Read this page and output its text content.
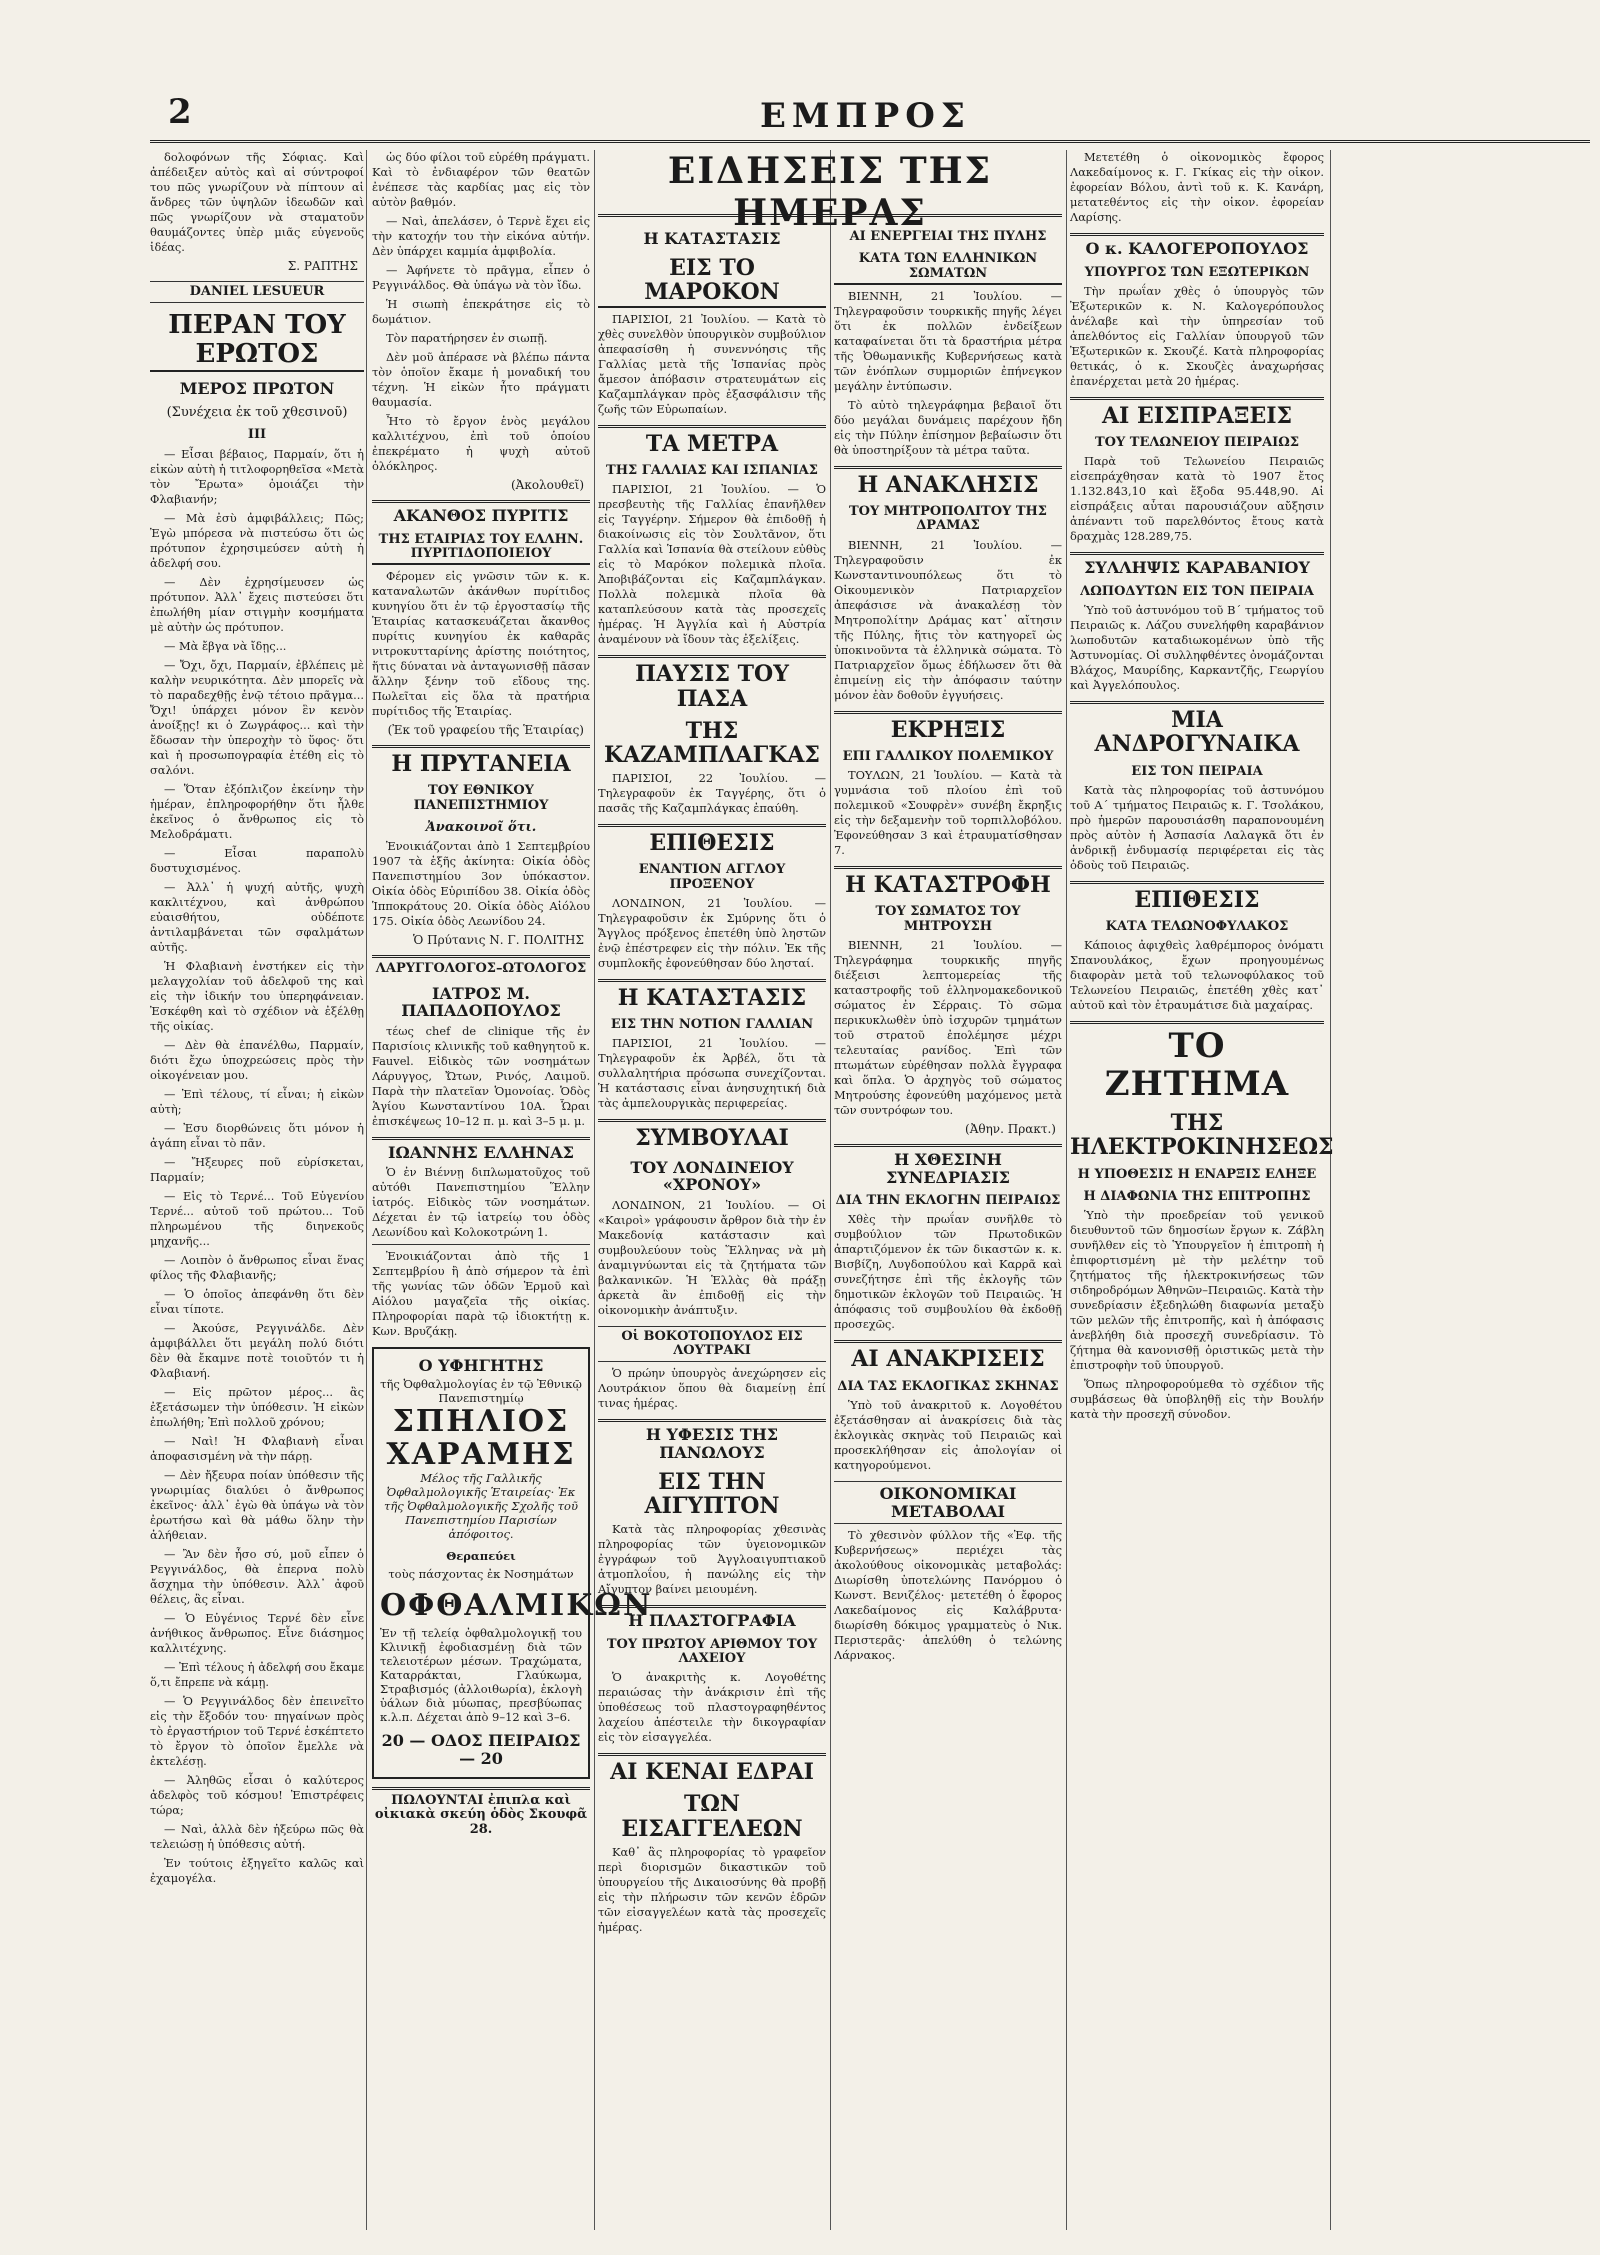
2	ΕΜΠΡΟΣ

δολοφόνων τῆς Σόφιας. Καὶ ἀπέδειξεν αὐτὸς καὶ αἱ σύντροφοί του πῶς γνωρίζουν νὰ πίπτουν αἱ ἄνδρες τῶν ὑψηλῶν ἰδεωδῶν καὶ πῶς γνωρίζουν νὰ σταματοῦν θαυμάζοντες ὑπὲρ μιᾶς εὐγενοῦς ἰδέας.

Σ. ΡΑΠΤΗΣ
DANIEL LESUEUR
ΠΕΡΑΝ ΤΟΥ ΕΡΩΤΟΣ
ΜΕΡΟΣ ΠΡΩΤΟΝ
(Συνέχεια ἐκ τοῦ χθεσινοῦ)
ΙΙΙ

— Εἶσαι βέβαιος, Παρμαίν, ὅτι ἡ εἰκὼν αὐτὴ ἡ τιτλοφορηθεῖσα «Μετὰ τὸν Ἔρωτα» ὁμοιάζει τὴν Φλαβιανήν;

— Μὰ ἐσὺ ἀμφιβάλλεις; Πῶς; Ἐγὼ μπόρεσα νὰ πιστεύσω ὅτι ὡς πρότυπον ἐχρησιμεύσεν αὐτὴ ἡ ἀδελφή σου.

— Δὲν ἐχρησίμευσεν ὡς πρότυπον. Ἀλλ᾿ ἔχεις πιστεύσει ὅτι ἐπωλήθη μίαν στιγμὴν κοσμήματα μὲ αὐτὴν ὡς πρότυπον.

— Μὰ ἔβγα νὰ ἴδῃς...

— Ὄχι, ὄχι, Παρμαίν, ἐβλέπεις μὲ καλὴν νευρικότητα. Δὲν μπορεῖς νὰ τὸ παραδεχθῇς ἐνῷ τέτοιο πρᾶγμα... Ὄχι! ὑπάρχει μόνον ἓν κενὸν ἀνοίξῃς! κι ὁ Ζωγράφος... καὶ τὴν ἔδωσαν τὴν ὑπεροχὴν τὸ ὕφος· ὅτι καὶ ἡ προσωπογραφία ἐτέθη εἰς τὸ σαλόνι.

— Ὅταν ἐξόπλιζον ἐκείνην τὴν ἡμέραν, ἐπληροφορήθην ὅτι ἦλθε ἐκεῖνος ὁ ἄνθρωπος εἰς τὸ Μελοδράματι.

— Εἶσαι παραπολὺ δυστυχισμένος.

— Ἀλλ᾿ ἡ ψυχή αὐτῆς, ψυχὴ κακλιτέχνου, καὶ ἀνθρώπου εὐαισθήτου, οὐδέποτε ἀντιλαμβάνεται τῶν σφαλμάτων αὐτῆς.

Ἡ Φλαβιανὴ ἐνστήκεν εἰς τὴν μελαγχολίαν τοῦ ἀδελφοῦ της καὶ εἰς τὴν ἰδικήν του ὑπερηφάνειαν. Ἐσκέφθη καὶ τὸ σχέδιον νὰ ἐξέλθῃ τῆς οἰκίας.

— Δὲν θὰ ἐπανέλθω, Παρμαίν, διότι ἔχω ὑποχρεώσεις πρὸς τὴν οἰκογένειαν μου.

— Ἐπὶ τέλους, τί εἶναι; ἡ εἰκὼν αὐτὴ;

— Ἐσυ διορθώνεις ὅτι μόνον ἡ ἀγάπη εἶναι τὸ πᾶν.

— Ἤξευρες ποῦ εὑρίσκεται, Παρμαίν;

— Εἰς τὸ Τερνέ... Τοῦ Εὐγενίου Τερνέ... αὐτοῦ τοῦ πρώτου... Τοῦ πληρωμένου τῆς διηνεκοῦς μηχανῆς...

— Λοιπὸν ὁ ἄνθρωπος εἶναι ἕνας φίλος τῆς Φλαβιανῆς;

— Ὁ ὁποῖος ἀπεφάνθη ὅτι δὲν εἶναι τίποτε.

— Ἀκούσε, Ρεγγινάλδε. Δὲν ἀμφιβάλλει ὅτι μεγάλη πολύ διότι δὲν θὰ ἔκαμνε ποτὲ τοιοῦτόν τι ἡ Φλαβιανή.

— Εἰς πρῶτον μέρος... ἂς ἐξετάσωμεν τὴν ὑπόθεσιν. Ἡ εἰκὼν ἐπωλήθη; Ἐπὶ πολλοῦ χρόνου;

— Ναὶ! Ἡ Φλαβιανὴ εἶναι ἀποφασισμένη νὰ τὴν πάρῃ.

— Δὲν ἤξευρα ποίαν ὑπόθεσιν τῆς γνωριμίας διαλύει ὁ ἄνθρωπος ἐκεῖνος· ἀλλ᾿ ἐγὼ θὰ ὑπάγω νὰ τὸν ἐρωτήσω καὶ θὰ μάθω ὅλην τὴν ἀλήθειαν.

— Ἂν δὲν ἦσο σύ, μοῦ εἶπεν ὁ Ρεγγινάλδος, θὰ ἐπερνα πολὺ ἄσχημα τὴν ὑπόθεσιν. Ἀλλ᾿ ἀφοῦ θέλεις, ἂς εἶναι.

— Ὁ Εὐγένιος Τερνέ δὲν εἶνε ἀνήθικος ἄνθρωπος. Εἶνε διάσημος καλλιτέχνης.

— Ἐπὶ τέλους ἡ ἀδελφή σου ἔκαμε ὅ,τι ἔπρεπε νὰ κάμῃ.

— Ὁ Ρεγγινάλδος δὲν ἐπεινεῖτο εἰς τὴν ἔξοδόν του· πηγαίνων πρὸς τὸ ἐργαστήριον τοῦ Τερνέ ἐσκέπτετο τὸ ἔργον τὸ ὁποῖον ἔμελλε νὰ ἐκτελέσῃ.

— Ἀληθῶς εἶσαι ὁ καλύτερος ἀδελφὸς τοῦ κόσμου! Ἐπιστρέφεις τώρα;

— Ναὶ, ἀλλὰ δὲν ἠξεύρω πῶς θὰ τελειώσῃ ἡ ὑπόθεσις αὐτή.

Ἐν τούτοις ἐξηγεῖτο καλῶς καὶ ἐχαμογέλα.

ὡς δύο φίλοι τοῦ εὑρέθη πράγματι. Καὶ τὸ ἐνδιαφέρον τῶν θεατῶν ἐνέπεσε τὰς καρδίας μας εἰς τὸν αὐτὸν βαθμόν.

— Ναὶ, ἀπελάσεν, ὁ Τερνὲ ἔχει εἰς τὴν κατοχήν του τὴν εἰκόνα αὐτήν. Δὲν ὑπάρχει καμμία ἀμφιβολία.

— Ἀφήνετε τὸ πρᾶγμα, εἶπεν ὁ Ρεγγινάλδος. Θὰ ὑπάγω νὰ τὸν ἴδω.

Ἡ σιωπὴ ἐπεκράτησε εἰς τὸ δωμάτιον.

Τὸν παρατήρησεν ἐν σιωπῇ.

Δὲν μοῦ ἀπέρασε νὰ βλέπω πάντα τὸν ὁποῖον ἔκαμε ἡ μοναδική του τέχνη. Ἡ εἰκὼν ἦτο πράγματι θαυμασία.

Ἦτο τὸ ἔργον ἑνὸς μεγάλου καλλιτέχνου, ἐπὶ τοῦ ὁποίου ἐπεκρέματο ἡ ψυχὴ αὐτοῦ ὁλόκληρος.

(Ἀκολουθεῖ)
ΑΚΑΝΘΟΣ ΠΥΡΙΤΙΣ
ΤΗΣ ΕΤΑΙΡΙΑΣ ΤΟΥ ΕΛΛΗΝ. ΠΥΡΙΤΙΔΟΠΟΙΕΙΟΥ

Φέρομεν εἰς γνῶσιν τῶν κ. κ. καταναλωτῶν ἀκάνθων πυρίτιδος κυνηγίου ὅτι ἐν τῷ ἐργοστασίῳ τῆς Ἑταιρίας κατασκευάζεται ἄκανθος πυρίτις κυνηγίου ἐκ καθαρᾶς νιτροκυτταρίνης ἀρίστης ποιότητος, ἥτις δύναται νὰ ἀνταγωνισθῇ πᾶσαν ἄλλην ξένην τοῦ εἴδους της. Πωλεῖται εἰς ὅλα τὰ πρατήρια πυρίτιδος τῆς Ἑταιρίας.

(Ἐκ τοῦ γραφείου τῆς Ἑταιρίας)
Η ΠΡΥΤΑΝΕΙΑ
ΤΟΥ ΕΘΝΙΚΟΥ ΠΑΝΕΠΙΣΤΗΜΙΟΥ
Ἀνακοινοῖ ὅτι.

Ἐνοικιάζονται ἀπὸ 1 Σεπτεμβρίου 1907 τὰ ἑξῆς ἀκίνητα: Οἰκία ὁδὸς Πανεπιστημίου 3ον ὑπόκαστον. Οἰκία ὁδὸς Εὐριπίδου 38. Οἰκία ὁδὸς Ἱπποκράτους 20. Οἰκία ὁδὸς Αἰόλου 175. Οἰκία ὁδὸς Λεωνίδου 24.

Ὁ Πρύτανις Ν. Γ. ΠΟΛΙΤΗΣ
ΛΑΡΥΓΓΟΛΟΓΟΣ–ΩΤΟΛΟΓΟΣ
ΙΑΤΡΟΣ Μ. ΠΑΠΑΔΟΠΟΥΛΟΣ

τέως chef de clinique τῆς ἐν Παρισίοις κλινικῆς τοῦ καθηγητοῦ κ. Fauvel. Εἰδικὸς τῶν νοσημάτων Λάρυγγος, Ὤτων, Ρινός, Λαιμοῦ. Παρὰ τὴν πλατεῖαν Ὁμονοίας. Ὁδὸς Ἁγίου Κωνσταντίνου 10Α. Ὧραι ἐπισκέψεως 10–12 π. μ. καὶ 3–5 μ. μ.

ΙΩΑΝΝΗΣ ΕΛΛΗΝΑΣ

Ὁ ἐν Βιέννῃ διπλωματοῦχος τοῦ αὐτόθι Πανεπιστημίου Ἕλλην ἰατρός. Εἰδικὸς τῶν νοσημάτων. Δέχεται ἐν τῷ ἰατρείῳ του ὁδὸς Λεωνίδου καὶ Κολοκοτρώνη 1.

Ἐνοικιάζονται ἀπὸ τῆς 1 Σεπτεμβρίου ἢ ἀπὸ σήμερον τὰ ἐπὶ τῆς γωνίας τῶν ὁδῶν Ἑρμοῦ καὶ Αἰόλου μαγαζεῖα τῆς οἰκίας. Πληροφορίαι παρὰ τῷ ἰδιοκτήτῃ κ. Κων. Βρυζάκῃ.

Ο ΥΦΗΓΗΤΗΣ
τῆς Ὀφθαλμολογίας ἐν τῷ Ἐθνικῷ Πανεπιστημίῳ
ΣΠΗΛΙΟΣ
ΧΑΡΑΜΗΣ
Μέλος τῆς Γαλλικῆς Ὀφθαλμολογικῆς Ἑταιρείας· Ἐκ τῆς Ὀφθαλμολογικῆς Σχολῆς τοῦ Πανεπιστημίου Παρισίων ἀπόφοιτος.
Θεραπεύει
τοὺς πάσχοντας ἐκ Νοσημάτων
ΟΦΘΑΛΜΙΚΩΝ
Ἐν τῇ τελείᾳ ὀφθαλμολογικῇ του Κλινικῇ ἐφοδιασμένῃ διὰ τῶν τελειοτέρων μέσων. Τραχώματα, Καταρράκται, Γλαύκωμα, Στραβισμός (ἀλλοιθωρία), ἐκλογὴ ὑάλων διὰ μύωπας, πρεσβύωπας κ.λ.π. Δέχεται ἀπὸ 9–12 καὶ 3–6.
20 — ΟΔΟΣ ΠΕΙΡΑΙΩΣ — 20
ΠΩΛΟΥΝΤΑΙ ἐπιπλα καὶ οἰκιακὰ σκεύη ὁδὸς Σκουφᾶ 28.
ΕΙΔΗΣΕΙΣ ΤΗΣ ΗΜΕΡΑΣ
Η ΚΑΤΑΣΤΑΣΙΣ
ΕΙΣ ΤΟ ΜΑΡΟΚΟΝ

ΠΑΡΙΣΙΟΙ, 21 Ἰουλίου. — Κατὰ τὸ χθὲς συνελθὸν ὑπουργικὸν συμβούλιον ἀπεφασίσθη ἡ συνεννόησις τῆς Γαλλίας μετὰ τῆς Ἱσπανίας πρὸς ἄμεσον ἀπόβασιν στρατευμάτων εἰς Καζαμπλάγκαν πρὸς ἐξασφάλισιν τῆς ζωῆς τῶν Εὐρωπαίων.

ΤΑ ΜΕΤΡΑ
ΤΗΣ ΓΑΛΛΙΑΣ ΚΑΙ ΙΣΠΑΝΙΑΣ

ΠΑΡΙΣΙΟΙ, 21 Ἰουλίου. — Ὁ πρεσβευτὴς τῆς Γαλλίας ἐπανῆλθεν εἰς Ταγγέρην. Σήμερον θὰ ἐπιδοθῇ ἡ διακοίνωσις εἰς τὸν Σουλτᾶνον, ὅτι Γαλλία καὶ Ἱσπανία θὰ στείλουν εὐθὺς εἰς τὸ Μαρόκον πολεμικὰ πλοῖα. Ἀποβιβάζονται εἰς Καζαμπλάγκαν. Πολλὰ πολεμικὰ πλοῖα θὰ καταπλεύσουν κατὰ τὰς προσεχεῖς ἡμέρας. Ἡ Ἀγγλία καὶ ἡ Αὐστρία ἀναμένουν νὰ ἴδουν τὰς ἐξελίξεις.

ΠΑΥΣΙΣ ΤΟΥ ΠΑΣΑ
ΤΗΣ ΚΑΖΑΜΠΛΑΓΚΑΣ

ΠΑΡΙΣΙΟΙ, 22 Ἰουλίου. — Τηλεγραφοῦν ἐκ Ταγγέρης, ὅτι ὁ πασᾶς τῆς Καζαμπλάγκας ἐπαύθη.

ΕΠΙΘΕΣΙΣ
ΕΝΑΝΤΙΟΝ ΑΓΓΛΟΥ ΠΡΟΞΕΝΟΥ

ΛΟΝΔΙΝΟΝ, 21 Ἰουλίου. — Τηλεγραφοῦσιν ἐκ Σμύρνης ὅτι ὁ Ἄγγλος πρόξενος ἐπετέθη ὑπὸ ληστῶν ἐνῷ ἐπέστρεφεν εἰς τὴν πόλιν. Ἐκ τῆς συμπλοκῆς ἐφονεύθησαν δύο λησταί.

Η ΚΑΤΑΣΤΑΣΙΣ
ΕΙΣ ΤΗΝ ΝΟΤΙΟΝ ΓΑΛΛΙΑΝ

ΠΑΡΙΣΙΟΙ, 21 Ἰουλίου. — Τηλεγραφοῦν ἐκ Ἀρβέλ, ὅτι τὰ συλλαλητήρια πρόσωπα συνεχίζονται. Ἡ κατάστασις εἶναι ἀνησυχητική διὰ τὰς ἀμπελουργικὰς περιφερείας.

ΣΥΜΒΟΥΛΑΙ
ΤΟΥ ΛΟΝΔΙΝΕΙΟΥ «ΧΡΟΝΟΥ»

ΛΟΝΔΙΝΟΝ, 21 Ἰουλίου. — Οἱ «Καιροὶ» γράφουσιν ἄρθρον διὰ τὴν ἐν Μακεδονίᾳ κατάστασιν καὶ συμβουλεύουν τοὺς Ἕλληνας νὰ μὴ ἀναμιγνύωνται εἰς τὰ ζητήματα τῶν βαλκανικῶν. Ἡ Ἑλλὰς θὰ πράξῃ ἀρκετὰ ἂν ἐπιδοθῇ εἰς τὴν οἰκονομικὴν ἀνάπτυξιν.

Οἱ ΒΟΚΟΤΟΠΟΥΛΟΣ ΕΙΣ ΛΟΥΤΡΑΚΙ

Ὁ πρώην ὑπουργὸς ἀνεχώρησεν εἰς Λουτράκιον ὅπου θὰ διαμείνῃ ἐπί τινας ἡμέρας.

Η ΥΦΕΣΙΣ ΤΗΣ ΠΑΝΩΛΟΥΣ
ΕΙΣ ΤΗΝ ΑΙΓΥΠΤΟΝ

Κατὰ τὰς πληροφορίας χθεσινὰς πληροφορίας τῶν ὑγειονομικῶν ἐγγράφων τοῦ Ἀγγλοαιγυπτιακοῦ ἀτμοπλοΐου, ἡ πανώλης εἰς τὴν Αἴγυπτον βαίνει μειουμένη.

Η ΠΛΑΣΤΟΓΡΑΦΙΑ
ΤΟΥ ΠΡΩΤΟΥ ΑΡΙΘΜΟΥ ΤΟΥ ΛΑΧΕΙΟΥ

Ὁ ἀνακριτὴς κ. Λογοθέτης περαιώσας τὴν ἀνάκρισιν ἐπὶ τῆς ὑποθέσεως τοῦ πλαστογραφηθέντος λαχείου ἀπέστειλε τὴν δικογραφίαν εἰς τὸν εἰσαγγελέα.

ΑΙ ΚΕΝΑΙ ΕΔΡΑΙ
ΤΩΝ ΕΙΣΑΓΓΕΛΕΩΝ

Καθ᾿ ἃς πληροφορίας τὸ γραφεῖον περὶ διορισμῶν δικαστικῶν τοῦ ὑπουργείου τῆς Δικαιοσύνης θὰ προβῇ εἰς τὴν πλήρωσιν τῶν κενῶν ἑδρῶν τῶν εἰσαγγελέων κατὰ τὰς προσεχεῖς ἡμέρας.

ΑΙ ΕΝΕΡΓΕΙΑΙ ΤΗΣ ΠΥΛΗΣ
ΚΑΤΑ ΤΩΝ ΕΛΛΗΝΙΚΩΝ ΣΩΜΑΤΩΝ

ΒΙΕΝΝΗ, 21 Ἰουλίου. — Τηλεγραφοῦσιν τουρκικῆς πηγῆς λέγει ὅτι ἐκ πολλῶν ἐνδείξεων καταφαίνεται ὅτι τὰ δραστήρια μέτρα τῆς Ὀθωμανικῆς Κυβερνήσεως κατὰ τῶν ἐνόπλων συμμοριῶν ἐπήνεγκον μεγάλην ἐντύπωσιν.

Τὸ αὐτὸ τηλεγράφημα βεβαιοῖ ὅτι δύο μεγάλαι δυνάμεις παρέχουν ἤδη εἰς τὴν Πύλην ἐπίσημον βεβαίωσιν ὅτι θὰ ὑποστηρίξουν τὰ μέτρα ταῦτα.

Η ΑΝΑΚΛΗΣΙΣ
ΤΟΥ ΜΗΤΡΟΠΟΛΙΤΟΥ ΤΗΣ ΔΡΑΜΑΣ

ΒΙΕΝΝΗ, 21 Ἰουλίου. — Τηλεγραφοῦσιν ἐκ Κωνσταντινουπόλεως ὅτι τὸ Οἰκουμενικὸν Πατριαρχεῖον ἀπεφάσισε νὰ ἀνακαλέσῃ τὸν Μητροπολίτην Δράμας κατ᾿ αἴτησιν τῆς Πύλης, ἥτις τὸν κατηγορεῖ ὡς ὑποκινοῦντα τὰ ἑλληνικὰ σώματα. Τὸ Πατριαρχεῖον ὅμως ἐδήλωσεν ὅτι θὰ ἐπιμείνῃ εἰς τὴν ἀπόφασιν ταύτην μόνον ἐὰν δοθοῦν ἐγγυήσεις.

ΕΚΡΗΞΙΣ
ΕΠΙ ΓΑΛΛΙΚΟΥ ΠΟΛΕΜΙΚΟΥ

ΤΟΥΛΩΝ, 21 Ἰουλίου. — Κατὰ τὰ γυμνάσια τοῦ πλοίου ἐπὶ τοῦ πολεμικοῦ «Σουφρὲν» συνέβη ἔκρηξις εἰς τὴν δεξαμενὴν τοῦ τορπιλλοβόλου. Ἐφονεύθησαν 3 καὶ ἐτραυματίσθησαν 7.

Η ΚΑΤΑΣΤΡΟΦΗ
ΤΟΥ ΣΩΜΑΤΟΣ ΤΟΥ ΜΗΤΡΟΥΣΗ

ΒΙΕΝΝΗ, 21 Ἰουλίου. — Τηλεγράφημα τουρκικῆς πηγῆς διέξεισι λεπτομερείας τῆς καταστροφῆς τοῦ ἑλληνομακεδονικοῦ σώματος ἐν Σέρραις. Τὸ σῶμα περικυκλωθὲν ὑπὸ ἰσχυρῶν τμημάτων τοῦ στρατοῦ ἐπολέμησε μέχρι τελευταίας ρανίδος. Ἐπὶ τῶν πτωμάτων εὑρέθησαν πολλὰ ἔγγραφα καὶ ὅπλα. Ὁ ἀρχηγὸς τοῦ σώματος Μητρούσης ἐφονεύθη μαχόμενος μετὰ τῶν συντρόφων του.

(Ἀθην. Πρακτ.)
Η ΧΘΕΣΙΝΗ ΣΥΝΕΔΡΙΑΣΙΣ
ΔΙΑ ΤΗΝ ΕΚΛΟΓΗΝ ΠΕΙΡΑΙΩΣ

Χθὲς τὴν πρωΐαν συνῆλθε τὸ συμβούλιον τῶν Πρωτοδικῶν ἀπαρτιζόμενον ἐκ τῶν δικαστῶν κ. κ. Βισβίζη, Λυγδοπούλου καὶ Καρρᾶ καὶ συνεζήτησε ἐπὶ τῆς ἐκλογῆς τῶν δημοτικῶν ἐκλογῶν τοῦ Πειραιῶς. Ἡ ἀπόφασις τοῦ συμβουλίου θὰ ἐκδοθῇ προσεχῶς.

ΑΙ ΑΝΑΚΡΙΣΕΙΣ
ΔΙΑ ΤΑΣ ΕΚΛΟΓΙΚΑΣ ΣΚΗΝΑΣ

Ὑπὸ τοῦ ἀνακριτοῦ κ. Λογοθέτου ἐξετάσθησαν αἱ ἀνακρίσεις διὰ τὰς ἐκλογικὰς σκηνὰς τοῦ Πειραιῶς καὶ προσεκλήθησαν εἰς ἀπολογίαν οἱ κατηγορούμενοι.

ΟΙΚΟΝΟΜΙΚΑΙ ΜΕΤΑΒΟΛΑΙ

Τὸ χθεσινὸν φύλλον τῆς «Ἐφ. τῆς Κυβερνήσεως» περιέχει τὰς ἀκολούθους οἰκονομικὰς μεταβολάς: Διωρίσθη ὑποτελώνης Πανόρμου ὁ Κωνστ. Βενιζέλος· μετετέθη ὁ ἔφορος Λακεδαίμονος εἰς Καλάβρυτα· διωρίσθη δόκιμος γραμματεὺς ὁ Νικ. Περιστερᾶς· ἀπελύθη ὁ τελώνης Λάρνακος.

Μετετέθη ὁ οἰκονομικὸς ἔφορος Λακεδαίμονος κ. Γ. Γκίκας εἰς τὴν οἰκον. ἐφορείαν Βόλου, ἀντὶ τοῦ κ. Κ. Κανάρη, μετατεθέντος εἰς τὴν οἰκον. ἐφορείαν Λαρίσης.

Ο κ. ΚΑΛΟΓΕΡΟΠΟΥΛΟΣ
ΥΠΟΥΡΓΟΣ ΤΩΝ ΕΞΩΤΕΡΙΚΩΝ

Τὴν πρωΐαν χθὲς ὁ ὑπουργὸς τῶν Ἐξωτερικῶν κ. Ν. Καλογερόπουλος ἀνέλαβε καὶ τὴν ὑπηρεσίαν τοῦ ἀπελθόντος εἰς Γαλλίαν ὑπουργοῦ τῶν Ἐξωτερικῶν κ. Σκουζέ. Κατὰ πληροφορίας θετικάς, ὁ κ. Σκουζὲς ἀναχωρήσας ἐπανέρχεται μετὰ 20 ἡμέρας.

ΑΙ ΕΙΣΠΡΑΞΕΙΣ
ΤΟΥ ΤΕΛΩΝΕΙΟΥ ΠΕΙΡΑΙΩΣ

Παρὰ τοῦ Τελωνείου Πειραιῶς εἰσεπράχθησαν κατὰ τὸ 1907 ἔτος 1.132.843,10 καὶ ἔξοδα 95.448,90. Αἱ εἰσπράξεις αὗται παρουσιάζουν αὔξησιν ἀπέναντι τοῦ παρελθόντος ἔτους κατὰ δραχμὰς 128.289,75.

ΣΥΛΛΗΨΙΣ ΚΑΡΑΒΑΝΙΟΥ
ΛΩΠΟΔΥΤΩΝ ΕΙΣ ΤΟΝ ΠΕΙΡΑΙΑ

Ὑπὸ τοῦ ἀστυνόμου τοῦ Β΄ τμήματος τοῦ Πειραιῶς κ. Λάζου συνελήφθη καραβάνιον λωποδυτῶν καταδιωκομένων ὑπὸ τῆς Ἀστυνομίας. Οἱ συλληφθέντες ὀνομάζονται Βλάχος, Μαυρίδης, Καρκαντζῆς, Γεωργίου καὶ Ἀγγελόπουλος.

ΜΙΑ ΑΝΔΡΟΓΥΝΑΙΚΑ
ΕΙΣ ΤΟΝ ΠΕΙΡΑΙΑ

Κατὰ τὰς πληροφορίας τοῦ ἀστυνόμου τοῦ Α΄ τμήματος Πειραιῶς κ. Γ. Τσολάκου, πρὸ ἡμερῶν παρουσιάσθη παραπονουμένη πρὸς αὐτὸν ἡ Ἀσπασία Λαλαγκᾶ ὅτι ἐν ἀνδρικῇ ἐνδυμασίᾳ περιφέρεται εἰς τὰς ὁδοὺς τοῦ Πειραιῶς.

ΕΠΙΘΕΣΙΣ
ΚΑΤΑ ΤΕΛΩΝΟΦΥΛΑΚΟΣ

Κάποιος ἀφιχθεὶς λαθρέμπορος ὀνόματι Σπανουλάκος, ἔχων προηγουμένως διαφορὰν μετὰ τοῦ τελωνοφύλακος τοῦ Τελωνείου Πειραιῶς, ἐπετέθη χθὲς κατ᾿ αὐτοῦ καὶ τὸν ἐτραυμάτισε διὰ μαχαίρας.

ΤΟ ΖΗΤΗΜΑ
ΤΗΣ ΗΛΕΚΤΡΟΚΙΝΗΣΕΩΣ
Η ΥΠΟΘΕΣΙΣ Η ΕΝΑΡΞΙΣ ΕΛΗΞΕ
Η ΔΙΑΦΩΝΙΑ ΤΗΣ ΕΠΙΤΡΟΠΗΣ

Ὑπὸ τὴν προεδρείαν τοῦ γενικοῦ διευθυντοῦ τῶν δημοσίων ἔργων κ. Ζάβλη συνῆλθεν εἰς τὸ Ὑπουργεῖον ἡ ἐπιτροπὴ ἡ ἐπιφορτισμένη μὲ τὴν μελέτην τοῦ ζητήματος τῆς ἠλεκτροκινήσεως τῶν σιδηροδρόμων Ἀθηνῶν–Πειραιῶς. Κατὰ τὴν συνεδρίασιν ἐξεδηλώθη διαφωνία μεταξὺ τῶν μελῶν τῆς ἐπιτροπῆς, καὶ ἡ ἀπόφασις ἀνεβλήθη διὰ προσεχῆ συνεδρίασιν. Τὸ ζήτημα θὰ κανονισθῇ ὁριστικῶς μετὰ τὴν ἐπιστροφὴν τοῦ ὑπουργοῦ.

Ὅπως πληροφορούμεθα τὸ σχέδιον τῆς συμβάσεως θὰ ὑποβληθῇ εἰς τὴν Βουλήν κατὰ τὴν προσεχῆ σύνοδον.
